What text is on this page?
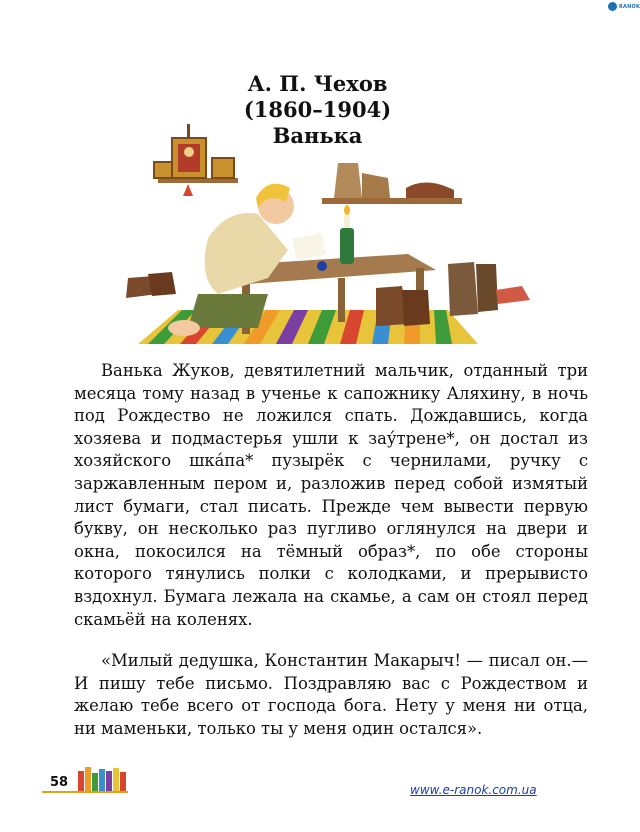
RANOK
А. П. Чехов
(1860–1904)
Ванька

Ванька Жуков, девятилетний мальчик, отданный три месяца тому назад в ученье к сапожнику Аляхину, в ночь под Рождество не ложился спать. Дождавшись, когда хозяева и подмастерья ушли к зау́трене*, он достал из хозяйского шка́па* пузырёк с чернилами, ручку с заржавленным пером и, разложив перед собой измятый лист бумаги, стал писать. Прежде чем вывести первую букву, он несколько раз пугливо оглянулся на двери и окна, покосился на тёмный образ*, по обе стороны которого тянулись полки с колодками, и прерывисто вздохнул. Бумага лежала на скамье, а сам он стоял перед скамьёй на коленях.

«Милый дедушка, Константин Макарыч! — писал он.— И пишу тебе письмо. Поздравляю вас с Рождеством и желаю тебе всего от господа бога. Нету у меня ни отца, ни маменьки, только ты у меня один остался».

58	www.e-ranok.com.ua
